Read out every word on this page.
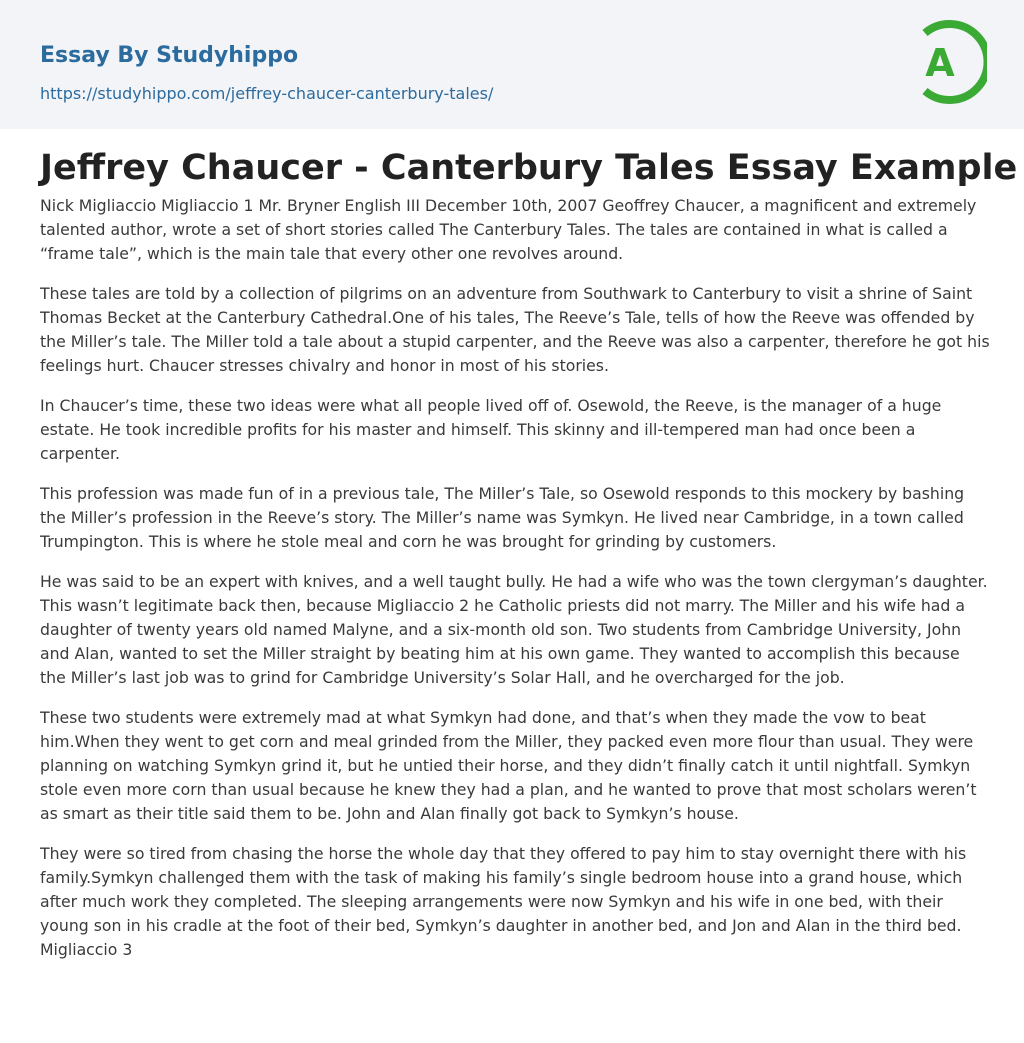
Essay By Studyhippo
https://studyhippo.com/jeffrey-chaucer-canterbury-tales/
A
Jeffrey Chaucer - Canterbury Tales Essay Example

Nick Migliaccio Migliaccio 1 Mr. Bryner English III December 10th, 2007 Geoffrey Chaucer, a magnificent and extremely talented author, wrote a set of short stories called The Canterbury Tales. The tales are contained in what is called a “frame tale”, which is the main tale that every other one revolves around.

These tales are told by a collection of pilgrims on an adventure from Southwark to Canterbury to visit a shrine of Saint Thomas Becket at the Canterbury Cathedral.One of his tales, The Reeve’s Tale, tells of how the Reeve was offended by the Miller’s tale. The Miller told a tale about a stupid carpenter, and the Reeve was also a carpenter, therefore he got his feelings hurt. Chaucer stresses chivalry and honor in most of his stories.

In Chaucer’s time, these two ideas were what all people lived off of. Osewold, the Reeve, is the manager of a huge estate. He took incredible profits for his master and himself. This skinny and ill-tempered man had once been a carpenter.

This profession was made fun of in a previous tale, The Miller’s Tale, so Osewold responds to this mockery by bashing the Miller’s profession in the Reeve’s story. The Miller’s name was Symkyn. He lived near Cambridge, in a town called Trumpington. This is where he stole meal and corn he was brought for grinding by customers.

He was said to be an expert with knives, and a well taught bully. He had a wife who was the town clergyman’s daughter. This wasn’t legitimate back then, because Migliaccio 2 he Catholic priests did not marry. The Miller and his wife had a daughter of twenty years old named Malyne, and a six-month old son. Two students from Cambridge University, John and Alan, wanted to set the Miller straight by beating him at his own game. They wanted to accomplish this because the Miller’s last job was to grind for Cambridge University’s Solar Hall, and he overcharged for the job.

These two students were extremely mad at what Symkyn had done, and that’s when they made the vow to beat him.When they went to get corn and meal grinded from the Miller, they packed even more flour than usual. They were planning on watching Symkyn grind it, but he untied their horse, and they didn’t finally catch it until nightfall. Symkyn stole even more corn than usual because he knew they had a plan, and he wanted to prove that most scholars weren’t as smart as their title said them to be. John and Alan finally got back to Symkyn’s house.

They were so tired from chasing the horse the whole day that they offered to pay him to stay overnight there with his family.Symkyn challenged them with the task of making his family’s single bedroom house into a grand house, which after much work they completed. The sleeping arrangements were now Symkyn and his wife in one bed, with their young son in his cradle at the foot of their bed, Symkyn’s daughter in another bed, and Jon and Alan in the third bed. Migliaccio 3
